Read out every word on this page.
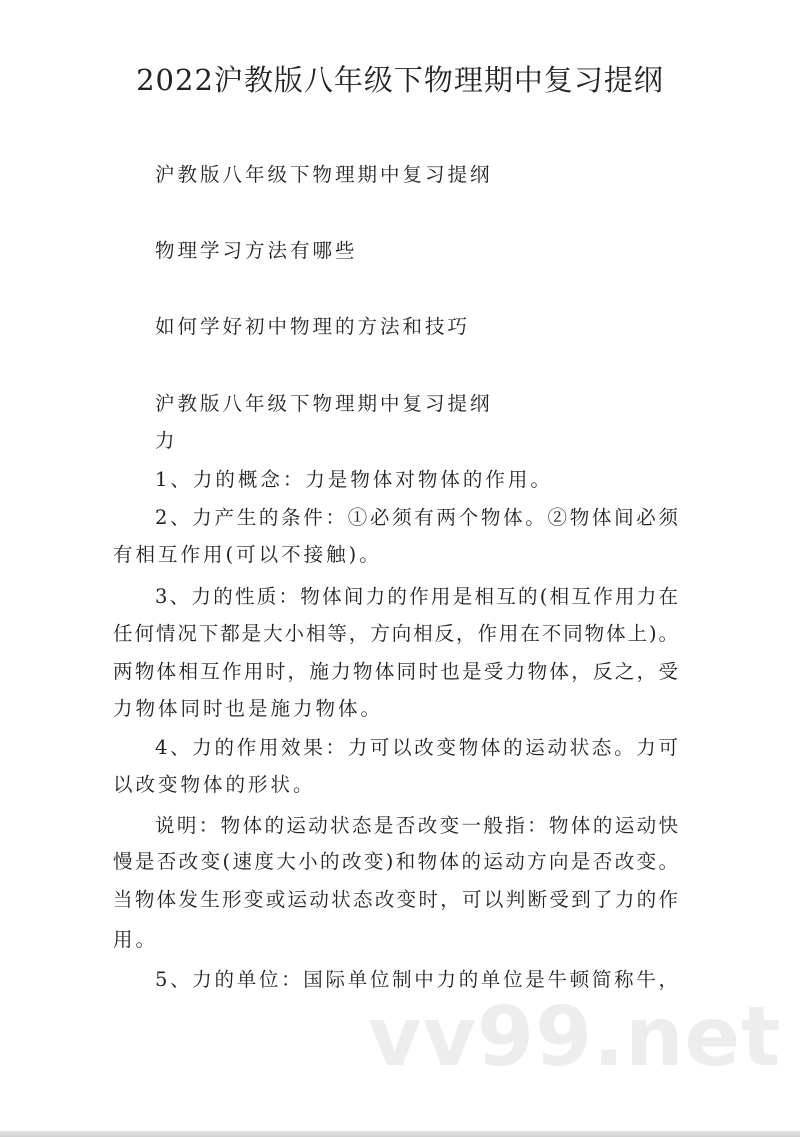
2022沪教版八年级下物理期中复习提纲
沪教版八年级下物理期中复习提纲
物理学习方法有哪些
如何学好初中物理的方法和技巧
沪教版八年级下物理期中复习提纲
力
1、力的概念：力是物体对物体的作用。
2、力产生的条件：①必须有两个物体。②物体间必须
有相互作用(可以不接触)。
3、力的性质：物体间力的作用是相互的(相互作用力在
任何情况下都是大小相等，方向相反，作用在不同物体上)。
两物体相互作用时，施力物体同时也是受力物体，反之，受
力物体同时也是施力物体。
4、力的作用效果：力可以改变物体的运动状态。力可
以改变物体的形状。
说明：物体的运动状态是否改变一般指：物体的运动快
慢是否改变(速度大小的改变)和物体的运动方向是否改变。
当物体发生形变或运动状态改变时，可以判断受到了力的作
用。
5、力的单位：国际单位制中力的单位是牛顿简称牛，
vv99.net
